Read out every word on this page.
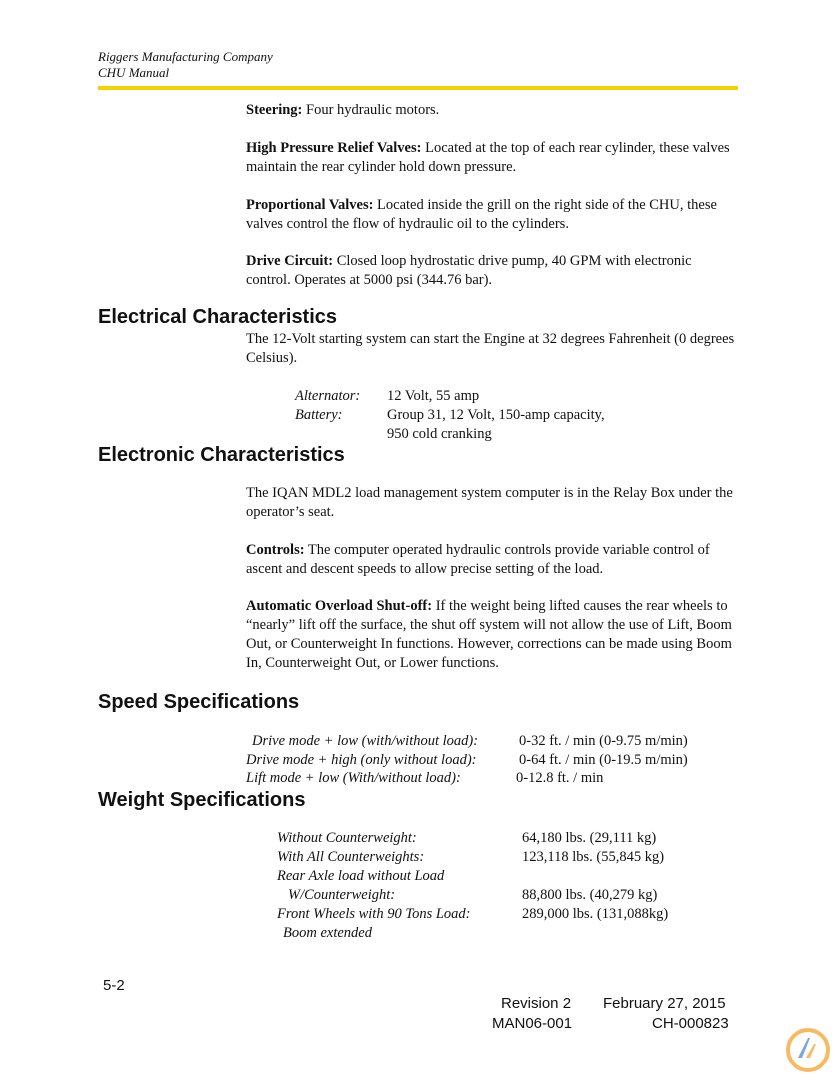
Riggers Manufacturing Company
CHU Manual
Steering: Four hydraulic motors.
High Pressure Relief Valves: Located at the top of each rear cylinder, these valves maintain the rear cylinder hold down pressure.
Proportional Valves: Located inside the grill on the right side of the CHU, these valves control the flow of hydraulic oil to the cylinders.
Drive Circuit: Closed loop hydrostatic drive pump, 40 GPM with electronic control. Operates at 5000 psi (344.76 bar).
Electrical Characteristics
The 12-Volt starting system can start the Engine at 32 degrees Fahrenheit (0 degrees Celsius).
Alternator: 12 Volt, 55 amp
Battery:	Group 31, 12 Volt, 150-amp capacity,
950 cold cranking
Electronic Characteristics
The IQAN MDL2 load management system computer is in the Relay Box under the operator’s seat.
Controls: The computer operated hydraulic controls provide variable control of ascent and descent speeds to allow precise setting of the load.
Automatic Overload Shut-off: If the weight being lifted causes the rear wheels to “nearly” lift off the surface, the shut off system will not allow the use of Lift, Boom Out, or Counterweight In functions. However, corrections can be made using Boom In, Counterweight Out, or Lower functions.
Speed Specifications
Drive mode + low (with/without load):	0-32 ft. / min (0-9.75 m/min)
Drive mode + high (only without load):	0-64 ft. / min (0-19.5 m/min)
Lift mode + low (With/without load):	0-12.8 ft. / min
Weight Specifications
Without Counterweight:	64,180 lbs. (29,111 kg)
With All Counterweights:	123,118 lbs. (55,845 kg)
Rear Axle load without Load
W/Counterweight:	88,800 lbs. (40,279 kg)
Front Wheels with 90 Tons Load:	289,000 lbs. (131,088kg)
Boom extended
5-2
Revision 2 February 27, 2015
MAN06-001	CH-000823
